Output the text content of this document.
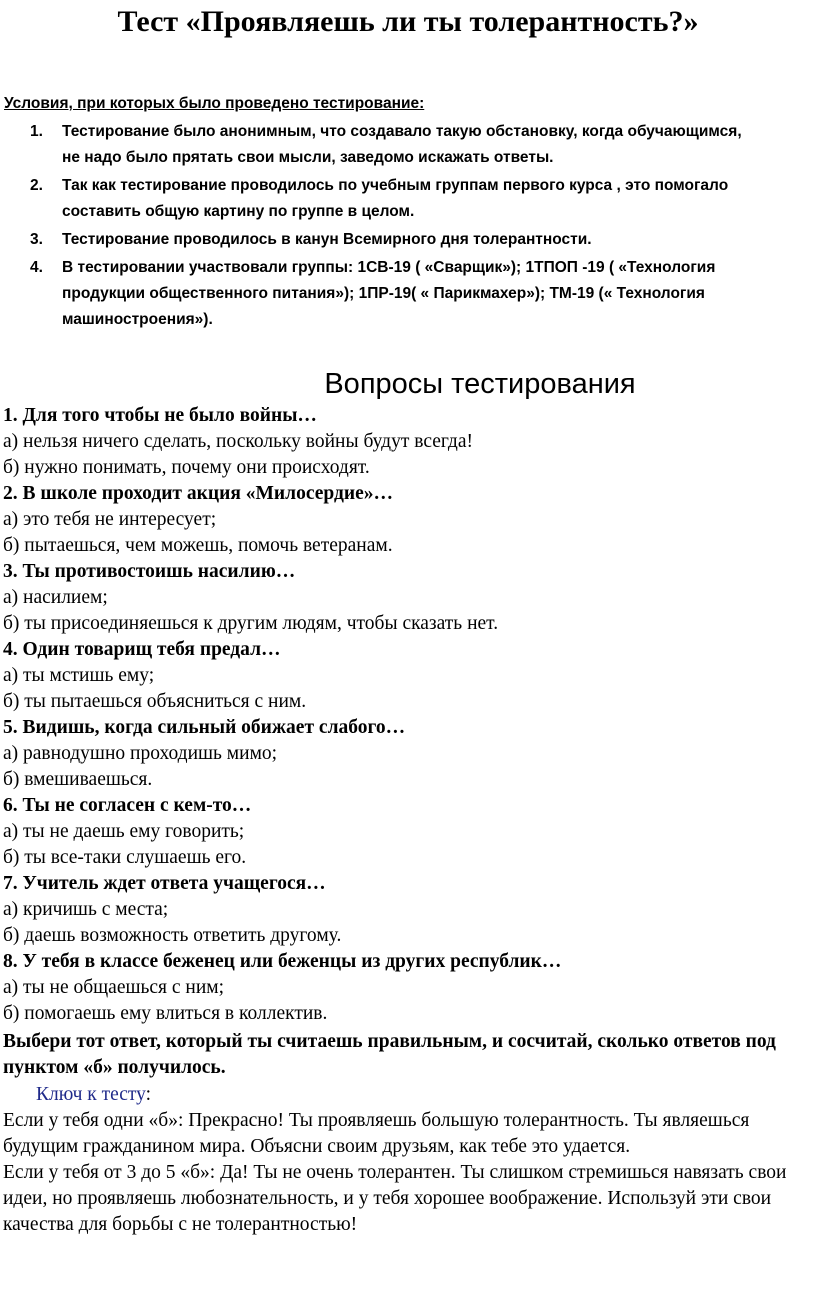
Тест «Проявляешь ли ты толерантность?»
Условия, при которых было проведено тестирование:
1. Тестирование было анонимным, что создавало такую обстановку, когда обучающимся,
не надо было прятать свои мысли, заведомо искажать ответы.
2. Так как тестирование проводилось по учебным группам первого курса , это помогало
составить общую картину по группе в целом.
3. Тестирование проводилось в канун Всемирного дня толерантности.
4. В тестировании участвовали группы: 1СВ-19 ( «Сварщик»); 1ТПОП -19 ( «Технология
продукции общественного питания»); 1ПР-19( « Парикмахер»); ТМ-19 (« Технология
машиностроения»).
Вопросы тестирования
1. Для того чтобы не было войны…
а) нельзя ничего сделать, поскольку войны будут всегда!
б) нужно понимать, почему они происходят.
2. В школе проходит акция «Милосердие»…
а) это тебя не интересует;
б) пытаешься, чем можешь, помочь ветеранам.
3. Ты противостоишь насилию…
а) насилием;
б) ты присоединяешься к другим людям, чтобы сказать нет.
4. Один товарищ тебя предал…
а) ты мстишь ему;
б) ты пытаешься объясниться с ним.
5. Видишь, когда сильный обижает слабого…
а) равнодушно проходишь мимо;
б) вмешиваешься.
6. Ты не согласен с кем-то…
а) ты не даешь ему говорить;
б) ты все-таки слушаешь его.
7. Учитель ждет ответа учащегося…
а) кричишь с места;
б) даешь возможность ответить другому.
8. У тебя в классе беженец или беженцы из других республик…
а) ты не общаешься с ним;
б) помогаешь ему влиться в коллектив.
Выбери тот ответ, который ты считаешь правильным, и сосчитай, сколько ответов под пунктом «б» получилось.
Ключ к тесту:

Если у тебя одни «б»: Прекрасно! Ты проявляешь большую толерантность. Ты являешься будущим гражданином мира. Объясни своим друзьям, как тебе это удается.

Если у тебя от 3 до 5 «б»: Да! Ты не очень толерантен. Ты слишком стремишься навязать свои идеи, но проявляешь любознательность, и у тебя хорошее воображение. Используй эти свои качества для борьбы с не толерантностью!
